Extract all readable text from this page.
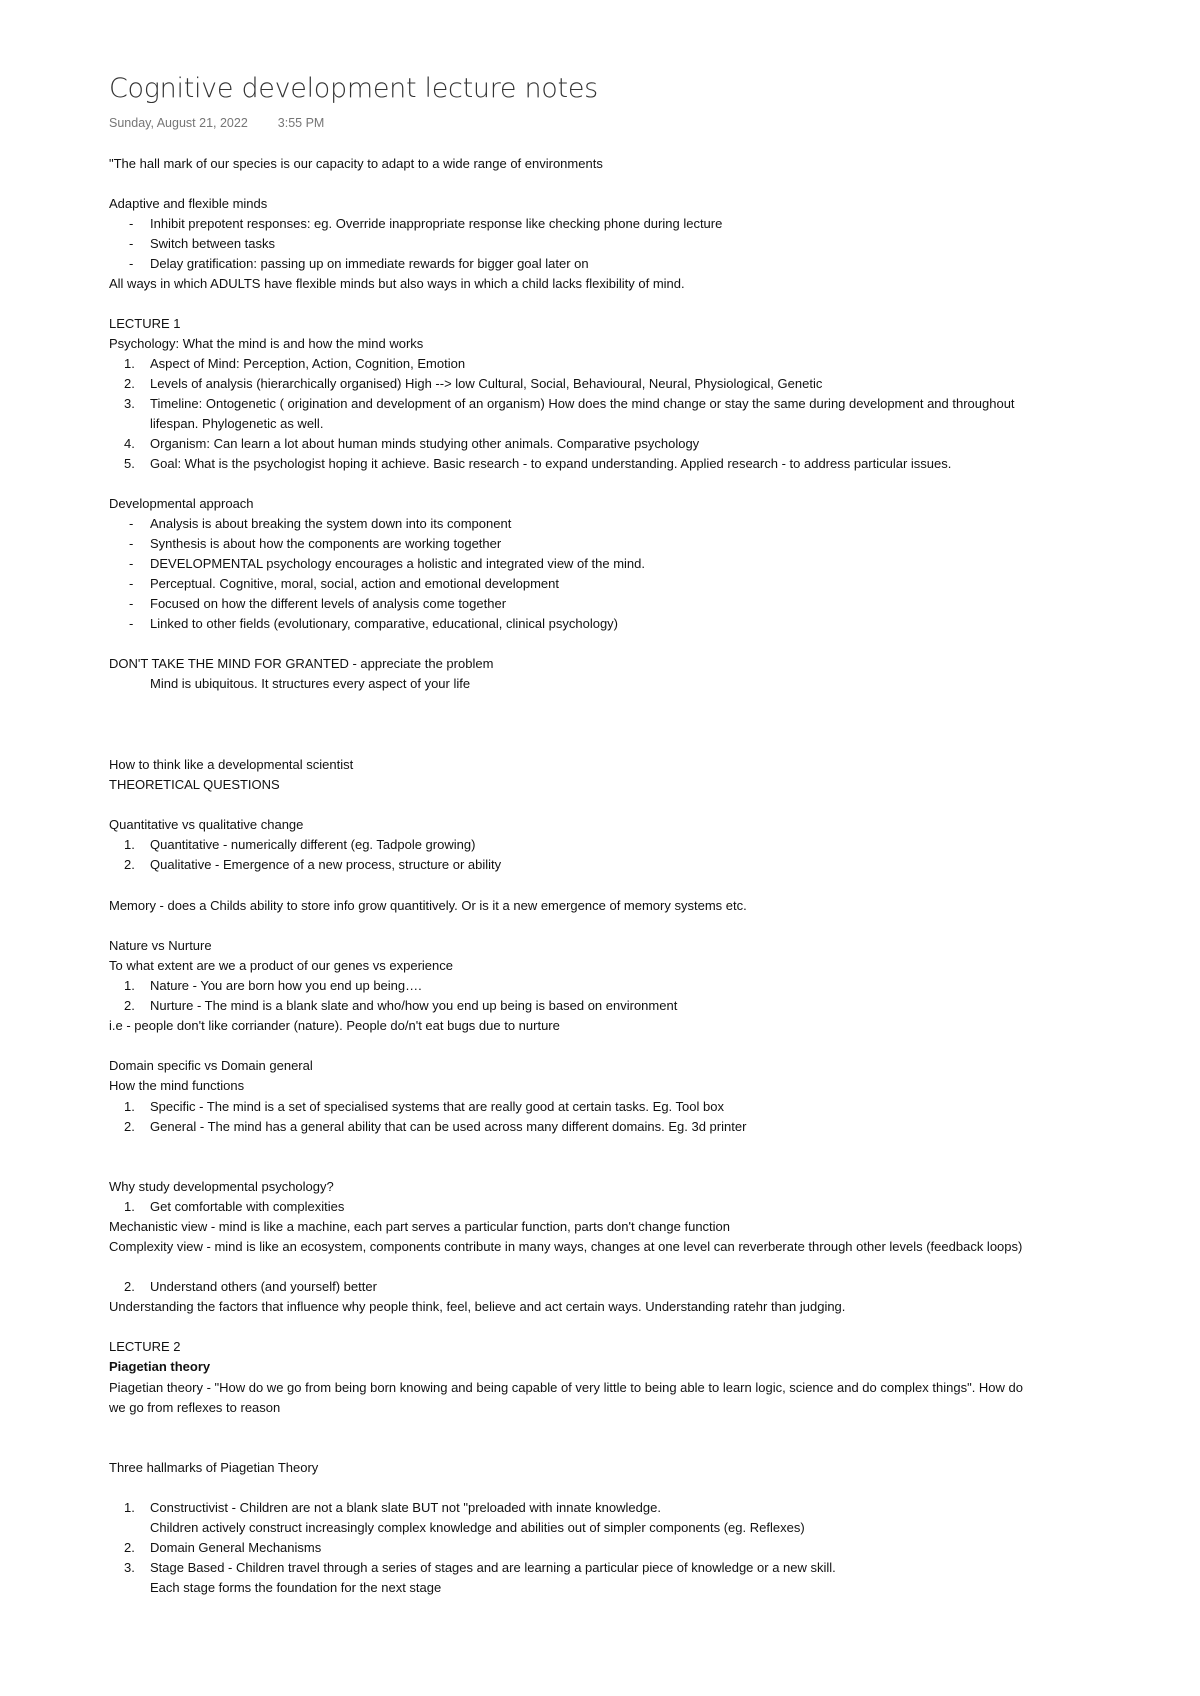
Cognitive development lecture notes
Sunday, August 21, 2022 3:55 PM
"The hall mark of our species is our capacity to adapt to a wide range of environments
Adaptive and flexible minds
- Inhibit prepotent responses: eg. Override inappropriate response like checking phone during lecture
- Switch between tasks
- Delay gratification: passing up on immediate rewards for bigger goal later on
All ways in which ADULTS have flexible minds but also ways in which a child lacks flexibility of mind.
LECTURE 1
Psychology: What the mind is and how the mind works
1. Aspect of Mind: Perception, Action, Cognition, Emotion
2. Levels of analysis (hierarchically organised) High --> low Cultural, Social, Behavioural, Neural, Physiological, Genetic
3. Timeline: Ontogenetic ( origination and development of an organism) How does the mind change or stay the same during development and throughout
lifespan. Phylogenetic as well.
4. Organism: Can learn a lot about human minds studying other animals. Comparative psychology
5. Goal: What is the psychologist hoping it achieve. Basic research - to expand understanding. Applied research - to address particular issues.
Developmental approach
- Analysis is about breaking the system down into its component
- Synthesis is about how the components are working together
- DEVELOPMENTAL psychology encourages a holistic and integrated view of the mind.
- Perceptual. Cognitive, moral, social, action and emotional development
- Focused on how the different levels of analysis come together
- Linked to other fields (evolutionary, comparative, educational, clinical psychology)
DON'T TAKE THE MIND FOR GRANTED - appreciate the problem
Mind is ubiquitous. It structures every aspect of your life
How to think like a developmental scientist
THEORETICAL QUESTIONS
Quantitative vs qualitative change
1. Quantitative - numerically different (eg. Tadpole growing)
2. Qualitative - Emergence of a new process, structure or ability
Memory - does a Childs ability to store info grow quantitively. Or is it a new emergence of memory systems etc.
Nature vs Nurture
To what extent are we a product of our genes vs experience
1. Nature - You are born how you end up being….
2. Nurture - The mind is a blank slate and who/how you end up being is based on environment
i.e - people don't like corriander (nature). People do/n't eat bugs due to nurture
Domain specific vs Domain general
How the mind functions
1. Specific - The mind is a set of specialised systems that are really good at certain tasks. Eg. Tool box
2. General - The mind has a general ability that can be used across many different domains. Eg. 3d printer
Why study developmental psychology?
1. Get comfortable with complexities
Mechanistic view - mind is like a machine, each part serves a particular function, parts don't change function
Complexity view - mind is like an ecosystem, components contribute in many ways, changes at one level can reverberate through other levels (feedback loops)
2. Understand others (and yourself) better
Understanding the factors that influence why people think, feel, believe and act certain ways. Understanding ratehr than judging.
LECTURE 2
Piagetian theory
Piagetian theory - "How do we go from being born knowing and being capable of very little to being able to learn logic, science and do complex things". How do
we go from reflexes to reason
Three hallmarks of Piagetian Theory
1. Constructivist - Children are not a blank slate BUT not "preloaded with innate knowledge.
Children actively construct increasingly complex knowledge and abilities out of simpler components (eg. Reflexes)
2. Domain General Mechanisms
3. Stage Based - Children travel through a series of stages and are learning a particular piece of knowledge or a new skill.
Each stage forms the foundation for the next stage
